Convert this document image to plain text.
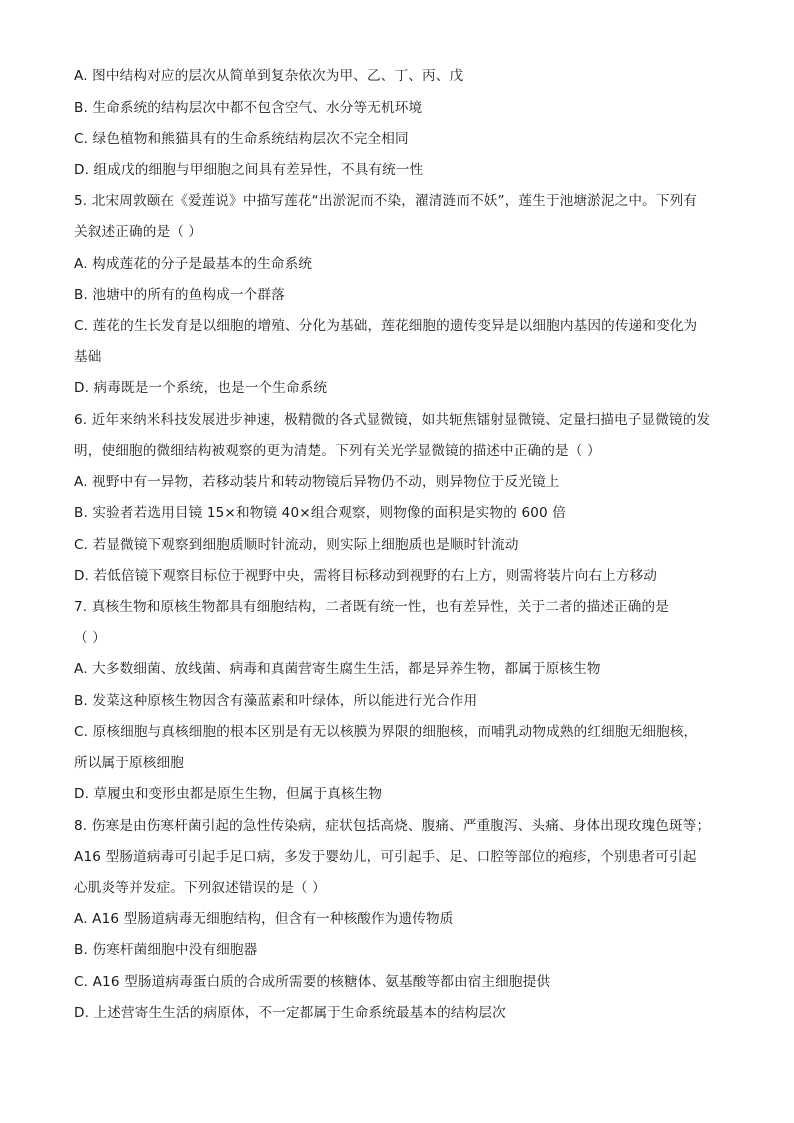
A. 图中结构对应的层次从简单到复杂依次为甲、乙、丁、丙、戊
B. 生命系统的结构层次中都不包含空气、水分等无机环境
C. 绿色植物和熊猫具有的生命系统结构层次不完全相同
D. 组成戊的细胞与甲细胞之间具有差异性，不具有统一性
5. 北宋周敦颐在《爱莲说》中描写莲花“出淤泥而不染，濯清涟而不妖”，莲生于池塘淤泥之中。下列有
关叙述正确的是（ ）
A. 构成莲花的分子是最基本的生命系统
B. 池塘中的所有的鱼构成一个群落
C. 莲花的生长发育是以细胞的增殖、分化为基础，莲花细胞的遗传变异是以细胞内基因的传递和变化为
基础
D. 病毒既是一个系统，也是一个生命系统
6. 近年来纳米科技发展进步神速，极精微的各式显微镜，如共轭焦镭射显微镜、定量扫描电子显微镜的发
明，使细胞的微细结构被观察的更为清楚。下列有关光学显微镜的描述中正确的是（ ）
A. 视野中有一异物，若移动装片和转动物镜后异物仍不动，则异物位于反光镜上
B. 实验者若选用目镜 15×和物镜 40×组合观察，则物像的面积是实物的 600 倍
C. 若显微镜下观察到细胞质顺时针流动，则实际上细胞质也是顺时针流动
D. 若低倍镜下观察目标位于视野中央，需将目标移动到视野的右上方，则需将装片向右上方移动
7. 真核生物和原核生物都具有细胞结构，二者既有统一性，也有差异性，关于二者的描述正确的是
（ ）
A. 大多数细菌、放线菌、病毒和真菌营寄生腐生生活，都是异养生物，都属于原核生物
B. 发菜这种原核生物因含有藻蓝素和叶绿体，所以能进行光合作用
C. 原核细胞与真核细胞的根本区别是有无以核膜为界限的细胞核，而哺乳动物成熟的红细胞无细胞核，
所以属于原核细胞
D. 草履虫和变形虫都是原生生物，但属于真核生物
8. 伤寒是由伤寒杆菌引起的急性传染病，症状包括高烧、腹痛、严重腹泻、头痛、身体出现玫瑰色斑等；
A16 型肠道病毒可引起手足口病，多发于婴幼儿，可引起手、足、口腔等部位的疱疹，个别患者可引起
心肌炎等并发症。下列叙述错误的是（ ）
A. A16 型肠道病毒无细胞结构，但含有一种核酸作为遗传物质
B. 伤寒杆菌细胞中没有细胞器
C. A16 型肠道病毒蛋白质的合成所需要的核糖体、氨基酸等都由宿主细胞提供
D. 上述营寄生生活的病原体，不一定都属于生命系统最基本的结构层次
